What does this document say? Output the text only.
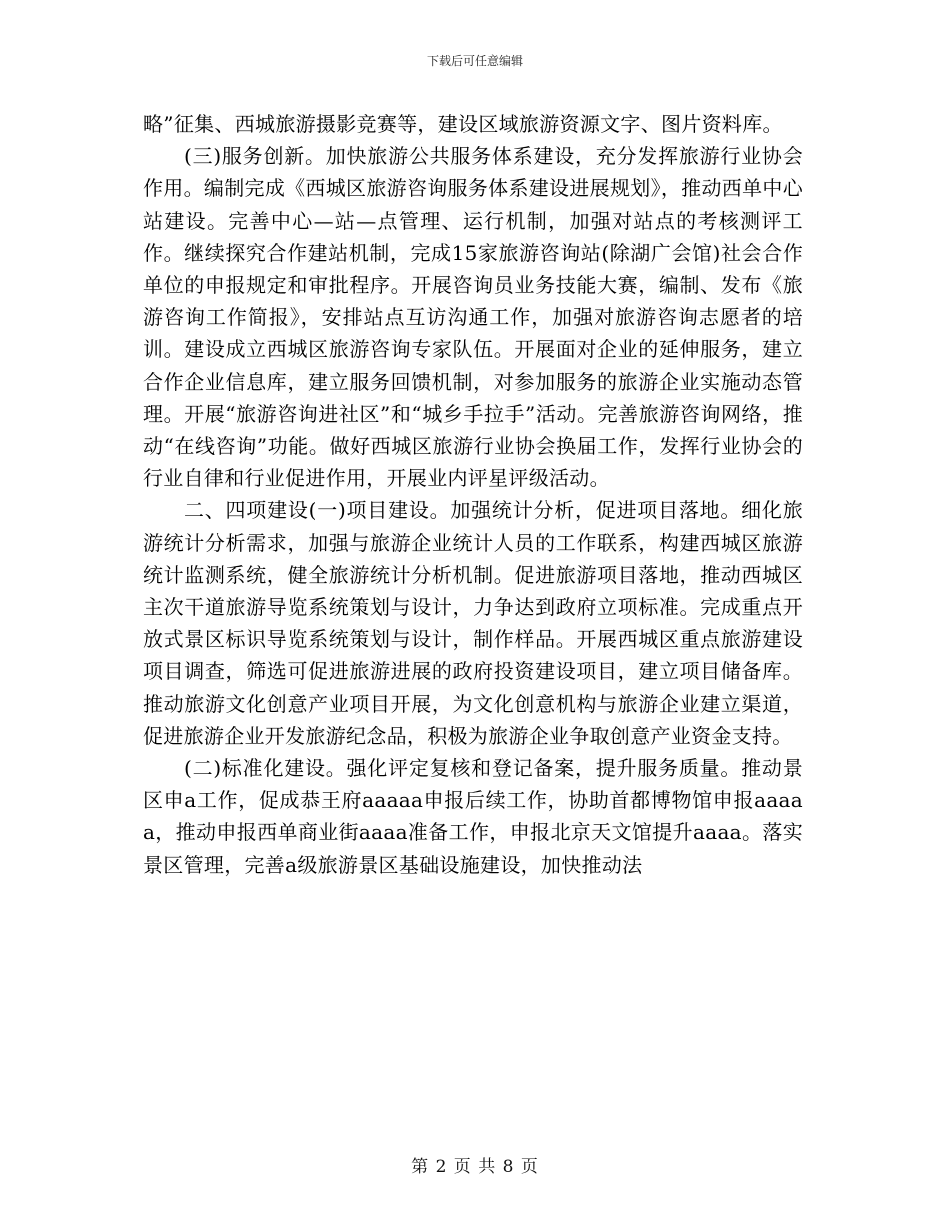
下载后可任意编辑

略”征集、西城旅游摄影竞赛等，建设区域旅游资源文字、图片资料库。

(三)服务创新。加快旅游公共服务体系建设，充分发挥旅游行业协会作用。编制完成《西城区旅游咨询服务体系建设进展规划》，推动西单中心站建设。完善中心—站—点管理、运行机制，加强对站点的考核测评工作。继续探究合作建站机制，完成15家旅游咨询站(除湖广会馆)社会合作单位的申报规定和审批程序。开展咨询员业务技能大赛，编制、发布《旅游咨询工作简报》，安排站点互访沟通工作，加强对旅游咨询志愿者的培训。建设成立西城区旅游咨询专家队伍。开展面对企业的延伸服务，建立合作企业信息库，建立服务回馈机制，对参加服务的旅游企业实施动态管理。开展“旅游咨询进社区”和“城乡手拉手”活动。完善旅游咨询网络，推动“在线咨询”功能。做好西城区旅游行业协会换届工作，发挥行业协会的行业自律和行业促进作用，开展业内评星评级活动。

二、四项建设(一)项目建设。加强统计分析，促进项目落地。细化旅游统计分析需求，加强与旅游企业统计人员的工作联系，构建西城区旅游统计监测系统，健全旅游统计分析机制。促进旅游项目落地，推动西城区主次干道旅游导览系统策划与设计，力争达到政府立项标准。完成重点开放式景区标识导览系统策划与设计，制作样品。开展西城区重点旅游建设项目调查，筛选可促进旅游进展的政府投资建设项目，建立项目储备库。推动旅游文化创意产业项目开展，为文化创意机构与旅游企业建立渠道，促进旅游企业开发旅游纪念品，积极为旅游企业争取创意产业资金支持。

(二)标准化建设。强化评定复核和登记备案，提升服务质量。推动景区申a工作，促成恭王府aaaaa申报后续工作，协助首都博物馆申报aaaaa，推动申报西单商业街aaaa准备工作，申报北京天文馆提升aaaa。落实景区管理，完善a级旅游景区基础设施建设，加快推动法

第 2 页 共 8 页
